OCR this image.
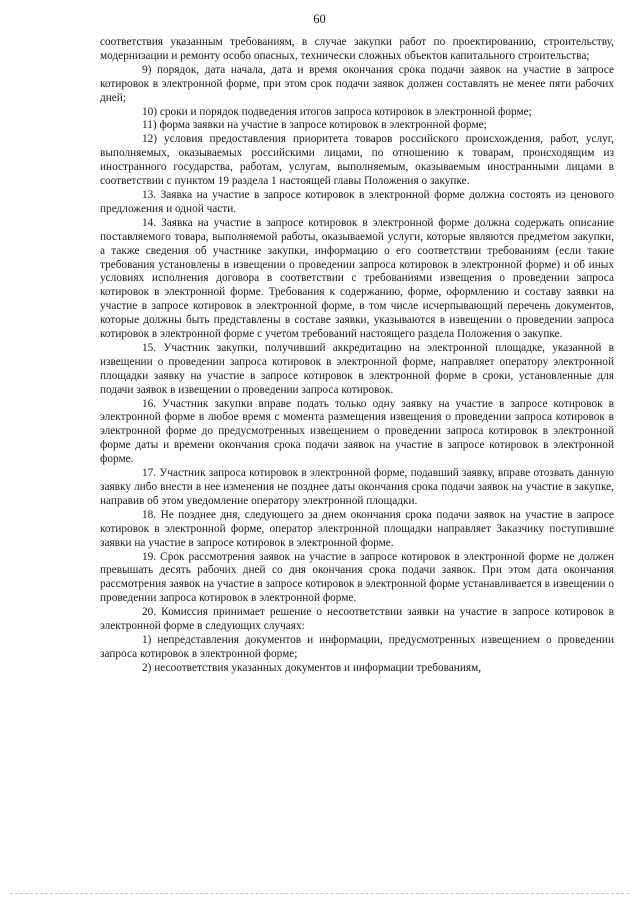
60

соответствия указанным требованиям, в случае закупки работ по проектированию, строительству, модернизации и ремонту особо опасных, технически сложных объектов капитального строительства;

9) порядок, дата начала, дата и время окончания срока подачи заявок на участие в запросе котировок в электронной форме, при этом срок подачи заявок должен составлять не менее пяти рабочих дней;

10) сроки и порядок подведения итогов запроса котировок в электронной форме;

11) форма заявки на участие в запросе котировок в электронной форме;

12) условия предоставления приоритета товаров российского происхождения, работ, услуг, выполняемых, оказываемых российскими лицами, по отношению к товарам, происходящим из иностранного государства, работам, услугам, выполняемым, оказываемым иностранными лицами в соответствии с пунктом 19 раздела 1 настоящей главы Положения о закупке.

13. Заявка на участие в запросе котировок в электронной форме должна состоять из ценового предложения и одной части.

14. Заявка на участие в запросе котировок в электронной форме должна содержать описание поставляемого товара, выполняемой работы, оказываемой услуги, которые являются предметом закупки, а также сведения об участнике закупки, информацию о его соответствии требованиям (если такие требования установлены в извещении о проведении запроса котировок в электронной форме) и об иных условиях исполнения договора в соответствии с требованиями извещения о проведении запроса котировок в электронной форме. Требования к содержанию, форме, оформлению и составу заявки на участие в запросе котировок в электронной форме, в том числе исчерпывающий перечень документов, которые должны быть представлены в составе заявки, указываются в извещении о проведении запроса котировок в электронной форме с учетом требований настоящего раздела Положения о закупке.

15. Участник закупки, получивший аккредитацию на электронной площадке, указанной в извещении о проведении запроса котировок в электронной форме, направляет оператору электронной площадки заявку на участие в запросе котировок в электронной форме в сроки, установленные для подачи заявок в извещении о проведении запроса котировок.

16. Участник закупки вправе подать только одну заявку на участие в запросе котировок в электронной форме в любое время с момента размещения извещения о проведении запроса котировок в электронной форме до предусмотренных извещением о проведении запроса котировок в электронной форме даты и времени окончания срока подачи заявок на участие в запросе котировок в электронной форме.

17. Участник запроса котировок в электронной форме, подавший заявку, вправе отозвать данную заявку либо внести в нее изменения не позднее даты окончания срока подачи заявок на участие в закупке, направив об этом уведомление оператору электронной площадки.

18. Не позднее дня, следующего за днем окончания срока подачи заявок на участие в запросе котировок в электронной форме, оператор электронной площадки направляет Заказчику поступившие заявки на участие в запросе котировок в электронной форме.

19. Срок рассмотрения заявок на участие в запросе котировок в электронной форме не должен превышать десять рабочих дней со дня окончания срока подачи заявок. При этом дата окончания рассмотрения заявок на участие в запросе котировок в электронной форме устанавливается в извещении о проведении запроса котировок в электронной форме.

20. Комиссия принимает решение о несоответствии заявки на участие в запросе котировок в электронной форме в следующих случаях:

1) непредставления документов и информации, предусмотренных извещением о проведении запроса котировок в электронной форме;

2) несоответствия указанных документов и информации требованиям,
